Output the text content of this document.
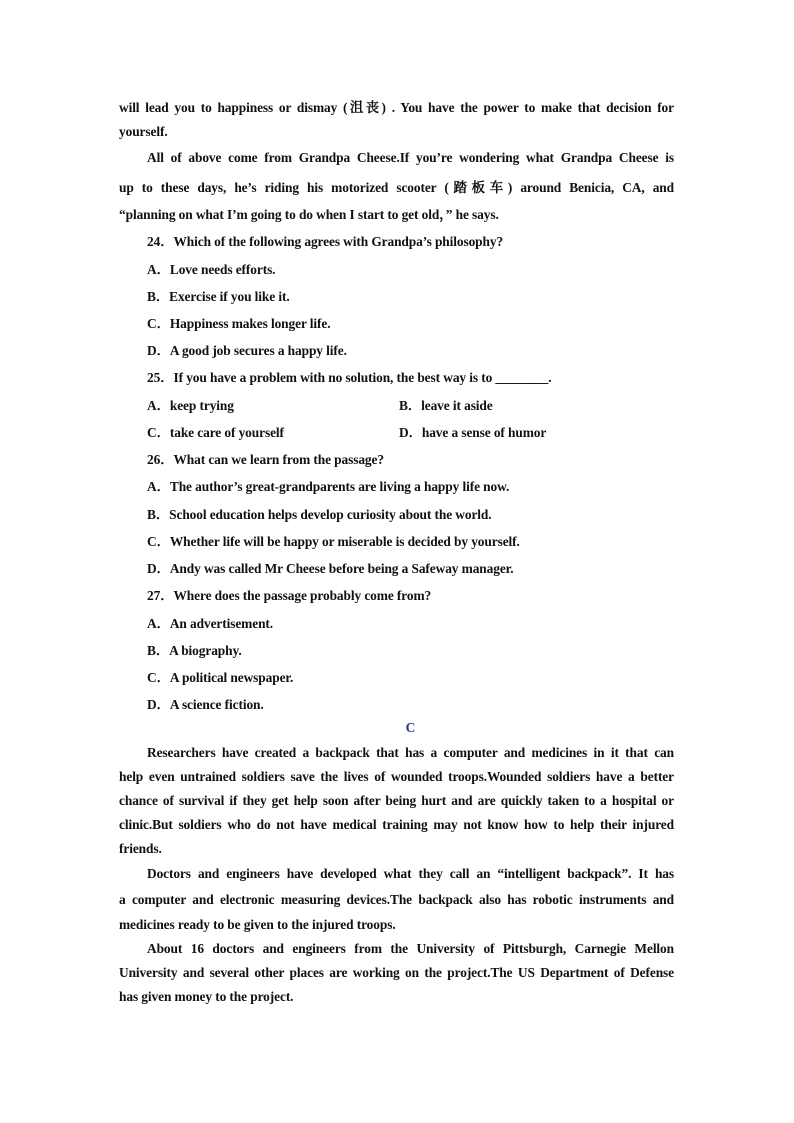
will lead you to happiness or dismay (沮丧) . You have the power to make that decision for
yourself.
All of above come from Grandpa Cheese.If you’re wondering what Grandpa Cheese is
up to these days, he’s riding his motorized scooter (踏板车) around Benicia, CA, and
“planning on what I’m going to do when I start to get old，” he says.
24．Which of the following agrees with Grandpa’s philosophy?
A．Love needs efforts.
B．Exercise if you like it.
C．Happiness makes longer life.
D．A good job secures a happy life.
25．If you have a problem with no solution, the best way is to ________.
A．keep trying	B．leave it aside
C．take care of yourself	D．have a sense of humor
26．What can we learn from the passage?
A．The author’s great-grandparents are living a happy life now.
B．School education helps develop curiosity about the world.
C．Whether life will be happy or miserable is decided by yourself.
D．Andy was called Mr Cheese before being a Safeway manager.
27．Where does the passage probably come from?
A．An advertisement.
B．A biography.
C．A political newspaper.
D．A science fiction.
C
Researchers have created a backpack that has a computer and medicines in it that can
help even untrained soldiers save the lives of wounded troops.Wounded soldiers have a better
chance of survival if they get help soon after being hurt and are quickly taken to a hospital or
clinic.But soldiers who do not have medical training may not know how to help their injured
friends.
Doctors and engineers have developed what they call an “intelligent backpack”. It has
a computer and electronic measuring devices.The backpack also has robotic instruments and
medicines ready to be given to the injured troops.
About 16 doctors and engineers from the University of Pittsburgh, Carnegie Mellon
University and several other places are working on the project.The US Department of Defense
has given money to the project.
